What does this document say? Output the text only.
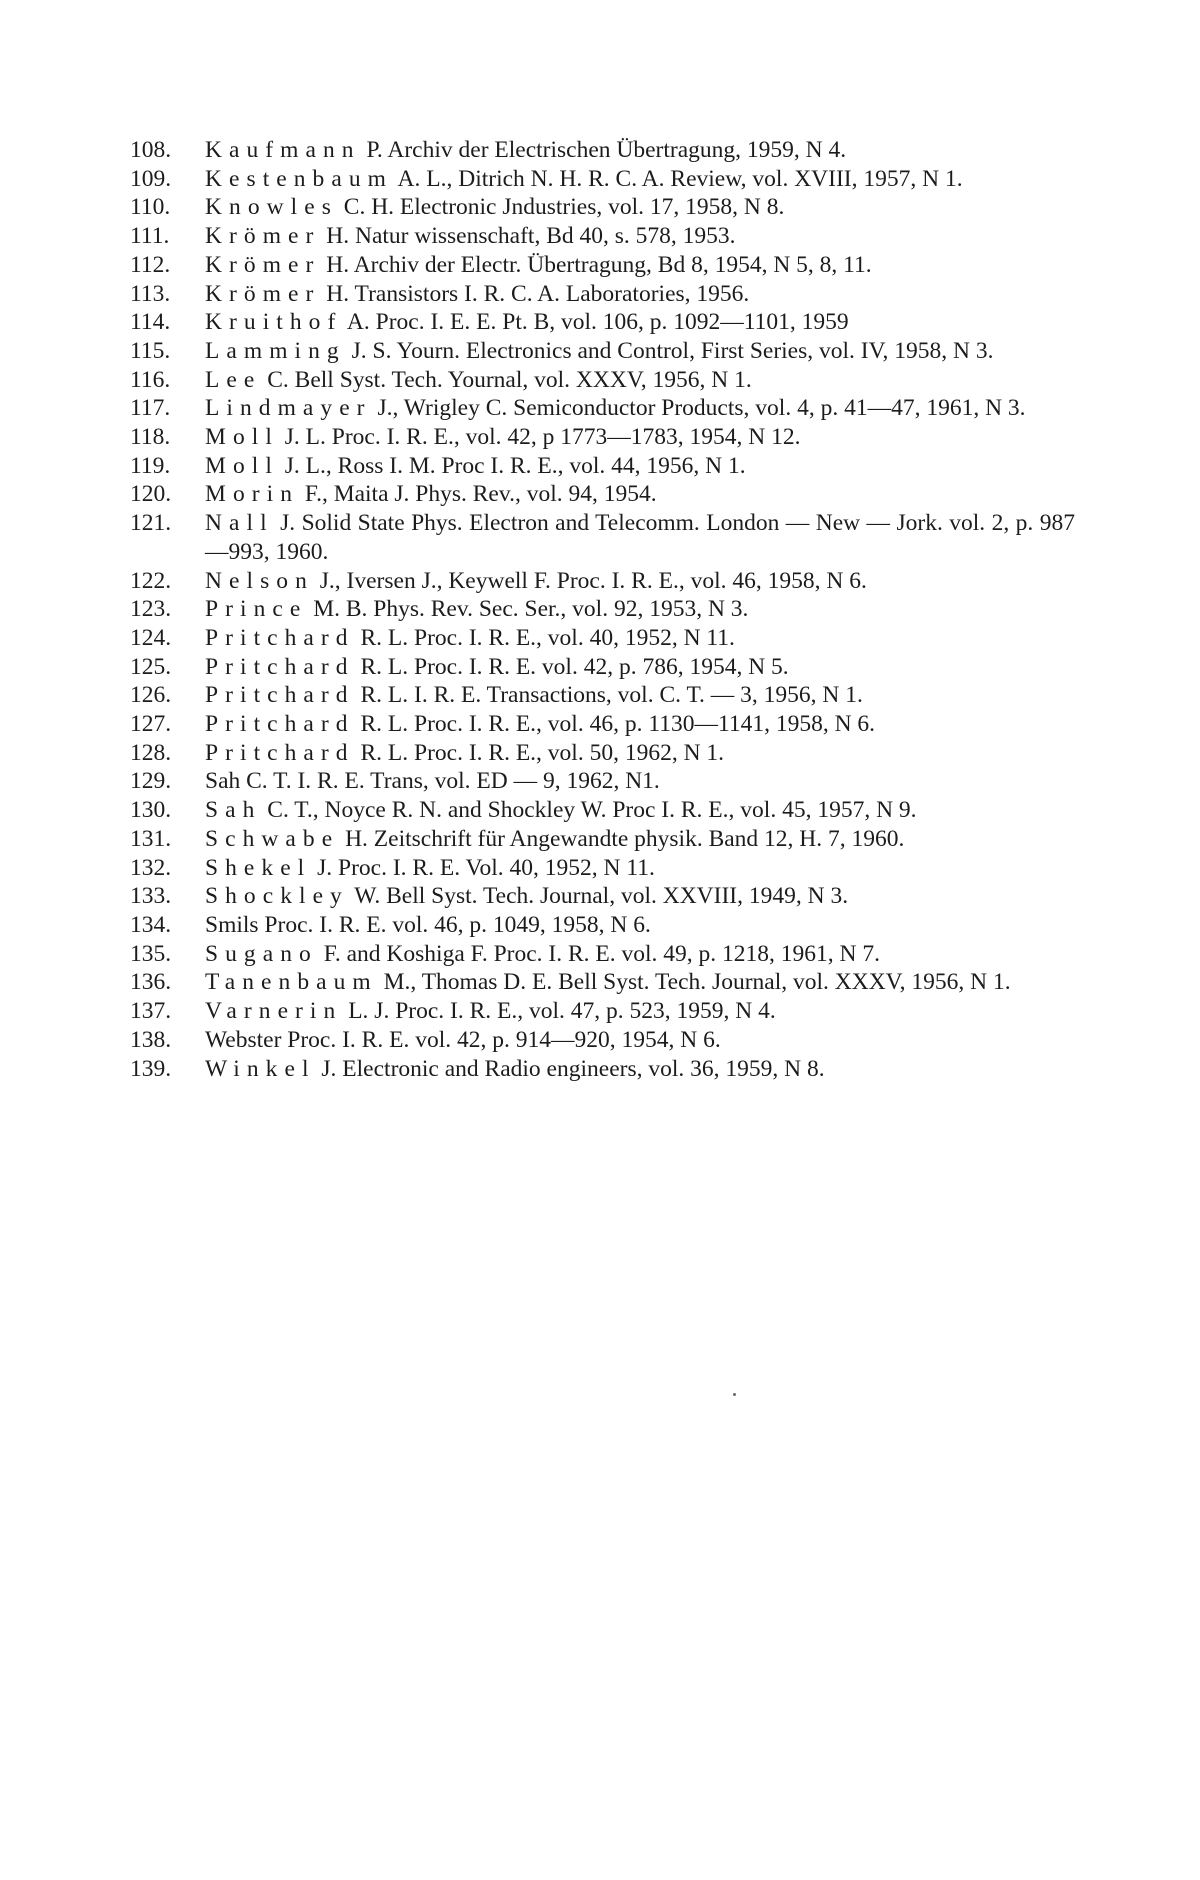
108.	Kaufmann P. Archiv der Electrischen Übertragung, 1959, N 4.
109.	Kestenbaum A. L., Ditrich N. H. R. C. A. Review, vol. XVIII, 1957, N 1.
110.	Knowles C. H. Electronic Jndustries, vol. 17, 1958, N 8.
111.	Krömer H. Natur wissenschaft, Bd 40, s. 578, 1953.
112.	Krömer H. Archiv der Electr. Übertragung, Bd 8, 1954, N 5, 8, 11.
113.	Krömer H. Transistors I. R. C. A. Laboratories, 1956.
114.	Kruithof A. Proc. I. E. E. Pt. B, vol. 106, p. 1092—1101, 1959
115.	Lamming J. S. Yourn. Electronics and Control, First Series, vol. IV, 1958, N 3.
116.	Lee C. Bell Syst. Tech. Yournal, vol. XXXV, 1956, N 1.
117.	Lindmayer J., Wrigley C. Semiconductor Products, vol. 4, p. 41—47, 1961, N 3.
118.	Moll J. L. Proc. I. R. E., vol. 42, p 1773—1783, 1954, N 12.
119.	Moll J. L., Ross I. M. Proc I. R. E., vol. 44, 1956, N 1.
120.	Morin F., Maita J. Phys. Rev., vol. 94, 1954.
121.	Nall J. Solid State Phys. Electron and Telecomm. London — New — Jork. vol. 2, p. 987—993, 1960.
122.	Nelson J., Iversen J., Keywell F. Proc. I. R. E., vol. 46, 1958, N 6.
123.	Prince M. B. Phys. Rev. Sec. Ser., vol. 92, 1953, N 3.
124.	Pritchard R. L. Proc. I. R. E., vol. 40, 1952, N 11.
125.	Pritchard R. L. Proc. I. R. E. vol. 42, p. 786, 1954, N 5.
126.	Pritchard R. L. I. R. E. Transactions, vol. C. T. — 3, 1956, N 1.
127.	Pritchard R. L. Proc. I. R. E., vol. 46, p. 1130—1141, 1958, N 6.
128.	Pritchard R. L. Proc. I. R. E., vol. 50, 1962, N 1.
129.	Sah C. T. I. R. E. Trans, vol. ED — 9, 1962, N1.
130.	Sah C. T., Noyce R. N. and Shockley W. Proc I. R. E., vol. 45, 1957, N 9.
131.	Schwabe H. Zeitschrift für Angewandte physik. Band 12, H. 7, 1960.
132.	Shekel J. Proc. I. R. E. Vol. 40, 1952, N 11.
133.	Shockley W. Bell Syst. Tech. Journal, vol. XXVIII, 1949, N 3.
134.	Smils Proc. I. R. E. vol. 46, p. 1049, 1958, N 6.
135.	Sugano F. and Koshiga F. Proc. I. R. E. vol. 49, p. 1218, 1961, N 7.
136.	Tanenbaum M., Thomas D. E. Bell Syst. Tech. Journal, vol. XXXV, 1956, N 1.
137.	Varnerin L. J. Proc. I. R. E., vol. 47, p. 523, 1959, N 4.
138.	Webster Proc. I. R. E. vol. 42, p. 914—920, 1954, N 6.
139.	Winkel J. Electronic and Radio engineers, vol. 36, 1959, N 8.
